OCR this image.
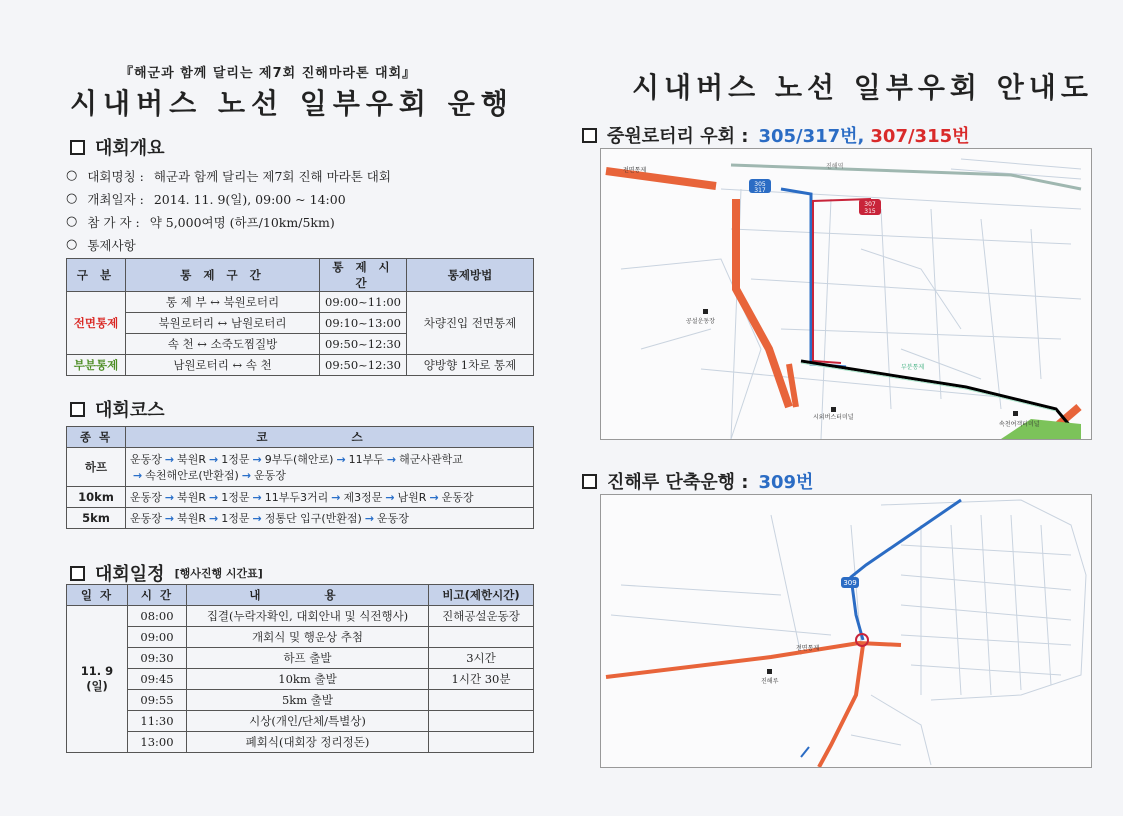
『해군과 함께 달리는 제7회 진해마라톤 대회』
시내버스 노선 일부우회 운행	시내버스 노선 일부우회 안내도
대회개요
○ 대회명칭 : 해군과 함께 달리는 제7회 진해 마라톤 대회
○ 개최일자 : 2014. 11. 9(일), 09:00 ~ 14:00
○ 참 가 자 : 약 5,000여명 (하프/10km/5km)
○ 통제사항
구 분	통 제 구 간	통 제 시 간	통제방법
전면통제	통 제 부 ↔ 북원로터리	09:00~11:00	차량진입 전면통제
	북원로터리 ↔ 남원로터리	09:10~13:00	
	속 천 ↔ 소죽도찜질방	09:50~12:30	
부분통제	남원로터리 ↔ 속 천	09:50~12:30	양방향 1차로 통제
대회코스
종 목	코 스
하프	운동장 → 북원R → 1정문 → 9부두(해안로) → 11부두 → 해군사관학교
→ 속천해안로(반환점) → 운동장

10km	운동장 → 북원R → 1정문 → 11부두3거리 → 제3정문 → 남원R → 운동장

5km	운동장 → 북원R → 1정문 → 정통단 입구(반환점) → 운동장
대회일정 [행사진행 시간표]
일 자	시 간	내 용	비고(제한시간)

11. 9
(일)	08:00	집결(누락자확인, 대회안내 및 식전행사)	진해공설운동장
	09:00	개회식 및 행운상 추첨	
	09:30	하프 출발	3시간
	09:45	10km 출발	1시간 30분
	09:55	5km 출발	
	11:30	시상(개인/단체/특별상)	
	13:00	폐회식(대회장 정리정돈)	
중원로터리 우회 : 305/317번, 307/315번
진해역
전면통제
부분통제
305
317
307
315
공설운동장
시외버스터미널
속천여객터미널
진해루 단축운행 : 309번
309
전면통제
진해루
